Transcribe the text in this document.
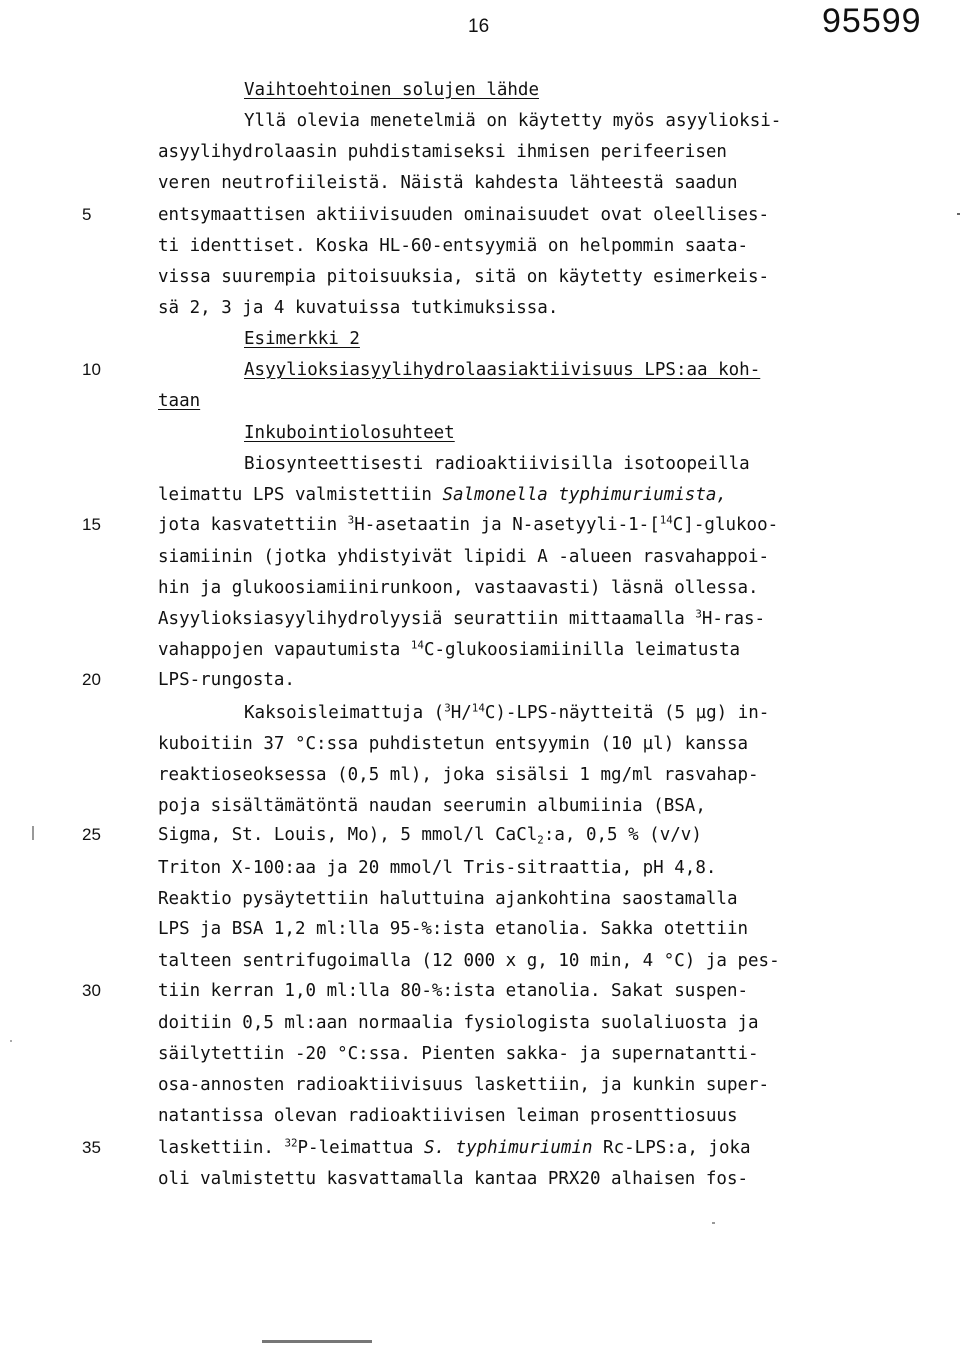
16	95599
5
10
15
20
25
30
35
Vaihtoehtoinen solujen lähde
Yllä olevia menetelmiä on käytetty myös asyylioksi-
asyylihydrolaasin puhdistamiseksi ihmisen perifeerisen
veren neutrofiileistä. Näistä kahdesta lähteestä saadun
entsymaattisen aktiivisuuden ominaisuudet ovat oleellises-
ti identtiset. Koska HL-60-entsyymiä on helpommin saata-
vissa suurempia pitoisuuksia, sitä on käytetty esimerkeis-
sä 2, 3 ja 4 kuvatuissa tutkimuksissa.
Esimerkki 2
Asyylioksiasyylihydrolaasiaktiivisuus LPS:aa koh-
taan
Inkubointiolosuhteet
Biosynteettisesti radioaktiivisilla isotoopeilla
leimattu LPS valmistettiin Salmonella typhimuriumista,
jota kasvatettiin $^3$H-asetaatin ja N-asetyyli-1-[$^{14}$C]-glukoo-
siamiinin (jotka yhdistyivät lipidi A -alueen rasvahappoi-
hin ja glukoosiamiinirunkoon, vastaavasti) läsnä ollessa.
Asyylioksiasyylihydrolyysiä seurattiin mittaamalla $^3$H-ras-
vahappojen vapautumista $^{14}$C-glukoosiamiinilla leimatusta
LPS-rungosta.
Kaksoisleimattuja ($^3$H/$^{14}$C)-LPS-näytteitä (5 µg) in-
kuboitiin 37 °C:ssa puhdistetun entsyymin (10 µl) kanssa
reaktioseoksessa (0,5 ml), joka sisälsi 1 mg/ml rasvahap-
poja sisältämätöntä naudan seerumin albumiinia (BSA,
Sigma, St. Louis, Mo), 5 mmol/l CaCl$_2$:a, 0,5 % (v/v)
Triton X-100:aa ja 20 mmol/l Tris-sitraattia, pH 4,8.
Reaktio pysäytettiin haluttuina ajankohtina saostamalla
LPS ja BSA 1,2 ml:lla 95-%:ista etanolia. Sakka otettiin
talteen sentrifugoimalla (12 000 x g, 10 min, 4 °C) ja pes-
tiin kerran 1,0 ml:lla 80-%:ista etanolia. Sakat suspen-
doitiin 0,5 ml:aan normaalia fysiologista suolaliuosta ja
säilytettiin -20 °C:ssa. Pienten sakka- ja supernatantti-
osa-annosten radioaktiivisuus laskettiin, ja kunkin super-
natantissa olevan radioaktiivisen leiman prosenttiosuus
laskettiin. $^{32}$P-leimattua S. typhimuriumin Rc-LPS:a, joka
oli valmistettu kasvattamalla kantaa PRX20 alhaisen fos-
